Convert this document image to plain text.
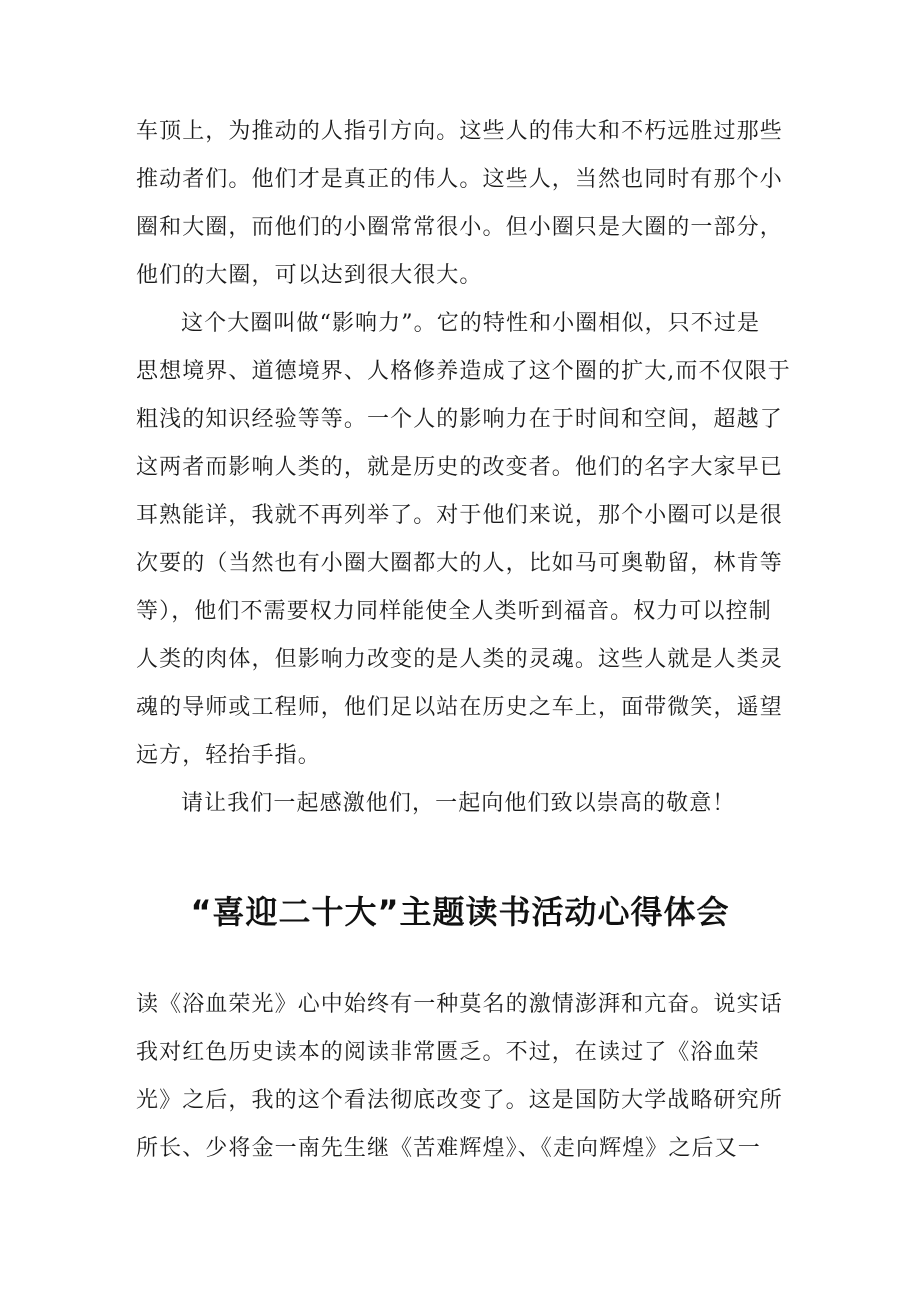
车顶上，为推动的人指引方向。这些人的伟大和不朽远胜过那些
推动者们。他们才是真正的伟人。这些人，当然也同时有那个小
圈和大圈，而他们的小圈常常很小。但小圈只是大圈的一部分，
他们的大圈，可以达到很大很大。
这个大圈叫做“影响力”。它的特性和小圈相似，只不过是
思想境界、道德境界、人格修养造成了这个圈的扩大,而不仅限于
粗浅的知识经验等等。一个人的影响力在于时间和空间，超越了
这两者而影响人类的，就是历史的改变者。他们的名字大家早已
耳熟能详，我就不再列举了。对于他们来说，那个小圈可以是很
次要的（当然也有小圈大圈都大的人，比如马可奥勒留，林肯等
等），他们不需要权力同样能使全人类听到福音。权力可以控制
人类的肉体，但影响力改变的是人类的灵魂。这些人就是人类灵
魂的导师或工程师，他们足以站在历史之车上，面带微笑，遥望
远方，轻抬手指。
请让我们一起感激他们，一起向他们致以崇高的敬意！
“喜迎二十大”主题读书活动心得体会
读《浴血荣光》心中始终有一种莫名的激情澎湃和亢奋。说实话
我对红色历史读本的阅读非常匮乏。不过，在读过了《浴血荣
光》之后，我的这个看法彻底改变了。这是国防大学战略研究所
所长、少将金一南先生继《苦难辉煌》、《走向辉煌》之后又一
